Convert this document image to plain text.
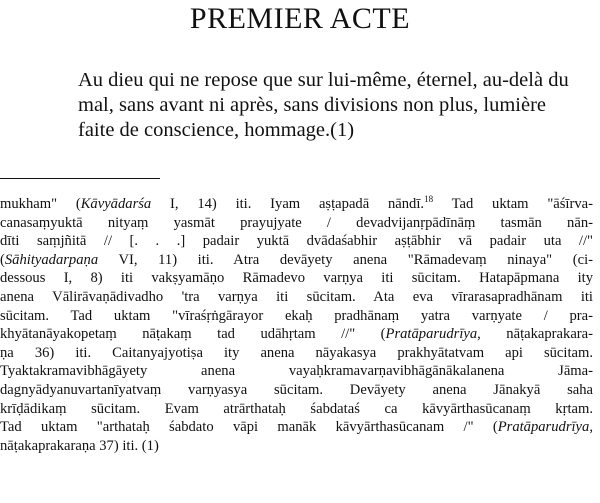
PREMIER ACTE
Au dieu qui ne repose que sur lui-même, éternel, au-delà du mal, sans avant ni après, sans divisions non plus, lumière faite de conscience, hommage.(1)
mukham" (Kāvyādarśa I, 14) iti. Iyam aṣṭapadā nāndī.$^{18}$ Tad uktam "āśīrva-
canasaṃyuktā nityaṃ yasmāt prayujyate / devadvijanṛpādīnāṃ tasmān nān-
dīti saṃjñitā // [. . .] padair yuktā dvādaśabhir aṣṭābhir vā padair uta //"
(Sāhityadarpaṇa VI, 11) iti. Atra devāyety anena "Rāmadevaṃ ninaya" (ci-
dessous I, 8) iti vakṣyamāṇo Rāmadevo varṇya iti sūcitam. Hatapāpmana ity
anena Vālirāvaṇādivadho 'tra varṇya iti sūcitam. Ata eva vīrarasapradhānam iti
sūcitam. Tad uktam "vīraśṛṅgārayor ekaḥ pradhānaṃ yatra varṇyate / pra-
khyātanāyakopetaṃ nāṭakaṃ tad udāhṛtam //" (Pratāparudrīya, nāṭakaprakara-
ṇa 36) iti. Caitanyajyotiṣa ity anena nāyakasya prakhyātatvam api sūcitam.
Tyaktakramavibhāgāyety anena vayaḥkramavarṇavibhāgānākalanena Jāma-
dagnyādyanuvartanīyatvaṃ varṇyasya sūcitam. Devāyety anena Jānakyā saha
krīḍādikaṃ sūcitam. Evam atrārthataḥ śabdataś ca kāvyārthasūcanaṃ kṛtam.
Tad uktam "arthataḥ śabdato vāpi manāk kāvyārthasūcanam /" (Pratāparudrīya,
nāṭakaprakaraṇa 37) iti. (1)
